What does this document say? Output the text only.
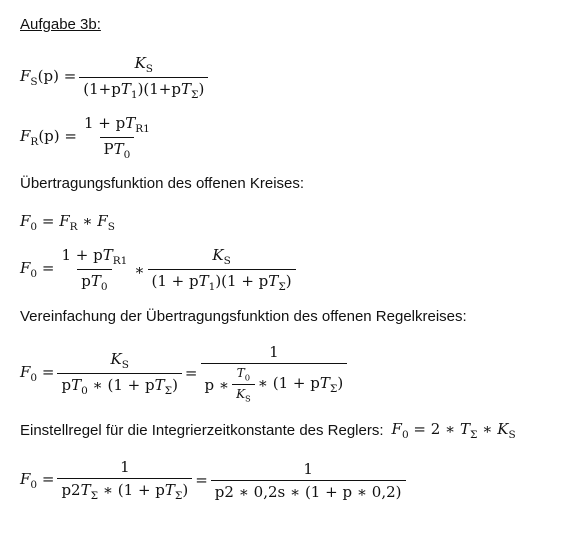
Aufgabe 3b:
$F_S(p) = \frac{K_S}{(1+pT_1)(1+pT_\Sigma)}$
$F_R(p) = \frac{1 + pT_{R1}}{PT_0}$
Übertragungsfunktion des offenen Kreises:
$F_0 = F_R$ ∗ $F_S$
$F_0 = \frac{1 + pT_{R1}}{pT_0}$ ∗ $\frac{K_S}{(1 + pT_1)(1 + pT_\Sigma)}$
Vereinfachung der Übertragungsfunktion des offenen Regelkreises:
$F_0 = \frac{K_S}{pT_0 ∗ (1 + pT_\Sigma)} = \frac{1}{p ∗ \frac{T_0}{K_S} ∗ (1 + pT_\Sigma)}$
Einstellregel für die Integrierzeitkonstante des Reglers: $F_0 = 2$ ∗ $T_\Sigma$ ∗ $K_S$
$F_0 = \frac{1}{p2T_\Sigma ∗ (1 + pT_\Sigma)} = \frac{1}{p2 ∗ 0,2s ∗ (1 + p ∗ 0,2)}$
